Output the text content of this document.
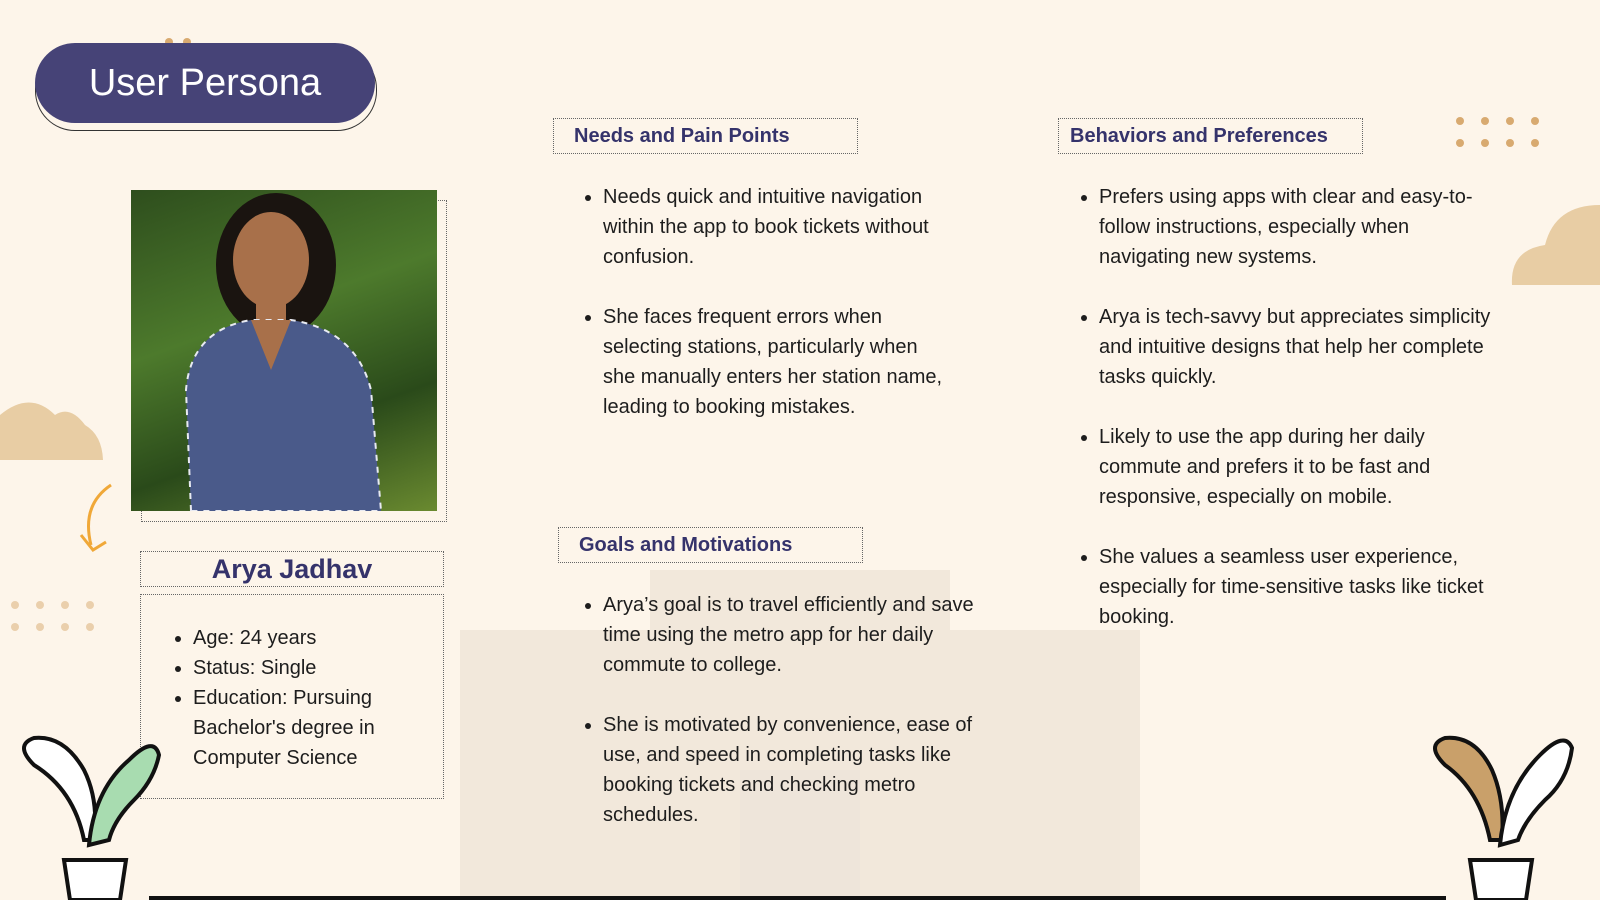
User Persona
Arya Jadhav
• Age: 24 years
• Status: Single
• Education: Pursuing Bachelor's degree in Computer Science
Needs and Pain Points
• Needs quick and intuitive navigation within the app to book tickets without confusion.
• She faces frequent errors when selecting stations, particularly when she manually enters her station name, leading to booking mistakes.
Goals and Motivations
• Arya’s goal is to travel efficiently and save time using the metro app for her daily commute to college.
• She is motivated by convenience, ease of use, and speed in completing tasks like booking tickets and checking metro schedules.
Behaviors and Preferences
• Prefers using apps with clear and easy-to-follow instructions, especially when navigating new systems.
• Arya is tech-savvy but appreciates simplicity and intuitive designs that help her complete tasks quickly.
• Likely to use the app during her daily commute and prefers it to be fast and responsive, especially on mobile.
• She values a seamless user experience, especially for time-sensitive tasks like ticket booking.
